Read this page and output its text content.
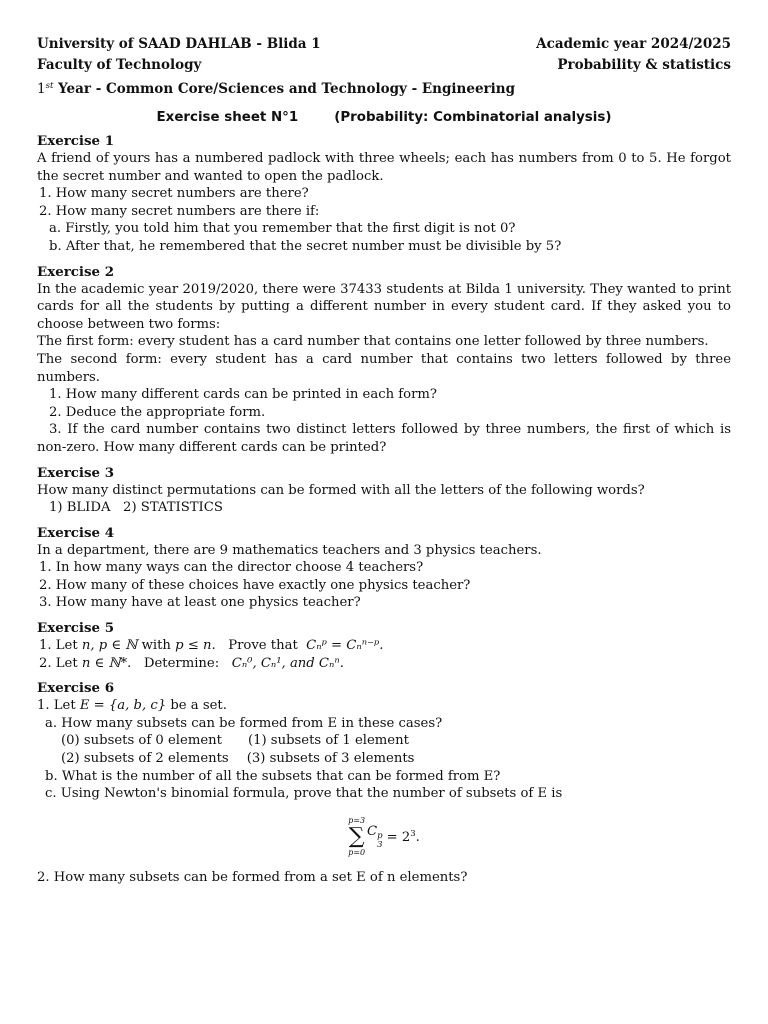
University of SAAD DAHLAB - Blida 1	Academic year 2024/2025
Faculty of Technology	Probability & statistics
1st Year - Common Core/Sciences and Technology - Engineering
Exercise sheet N°1	(Probability: Combinatorial analysis)
Exercise 1
A friend of yours has a numbered padlock with three wheels; each has numbers from 0 to 5. He forgot the secret number and wanted to open the padlock.
1. How many secret numbers are there?
2. How many secret numbers are there if:
a. Firstly, you told him that you remember that the first digit is not 0?
b. After that, he remembered that the secret number must be divisible by 5?
Exercise 2
In the academic year 2019/2020, there were 37433 students at Bilda 1 university. They wanted to print cards for all the students by putting a different number in every student card. If they asked you to choose between two forms:
The first form: every student has a card number that contains one letter followed by three numbers.
The second form: every student has a card number that contains two letters followed by three numbers.
1. How many different cards can be printed in each form?
2. Deduce the appropriate form.
3. If the card number contains two distinct letters followed by three numbers, the first of which is non-zero. How many different cards can be printed?
Exercise 3
How many distinct permutations can be formed with all the letters of the following words?
1) BLIDA   2) STATISTICS
Exercise 4
In a department, there are 9 mathematics teachers and 3 physics teachers.
1. In how many ways can the director choose 4 teachers?
2. How many of these choices have exactly one physics teacher?
3. How many have at least one physics teacher?
Exercise 5
1. Let n, p ∈ ℕ with p ≤ n. Prove that Cₙᵖ = Cₙⁿ⁻ᵖ.
2. Let n ∈ ℕ*. Determine: Cₙ⁰, Cₙ¹, and Cₙⁿ.
Exercise 6
1. Let E = {a, b, c} be a set.
a. How many subsets can be formed from E in these cases?
(0) subsets of 0 element (1) subsets of 1 element
(2) subsets of 2 elements (3) subsets of 3 elements
b. What is the number of all the subsets that can be formed from E?
c. Using Newton's binomial formula, prove that the number of subsets of E is
p=3
∑
p=0
C p
$3 = 2^3$.
2. How many subsets can be formed from a set E of n elements?
